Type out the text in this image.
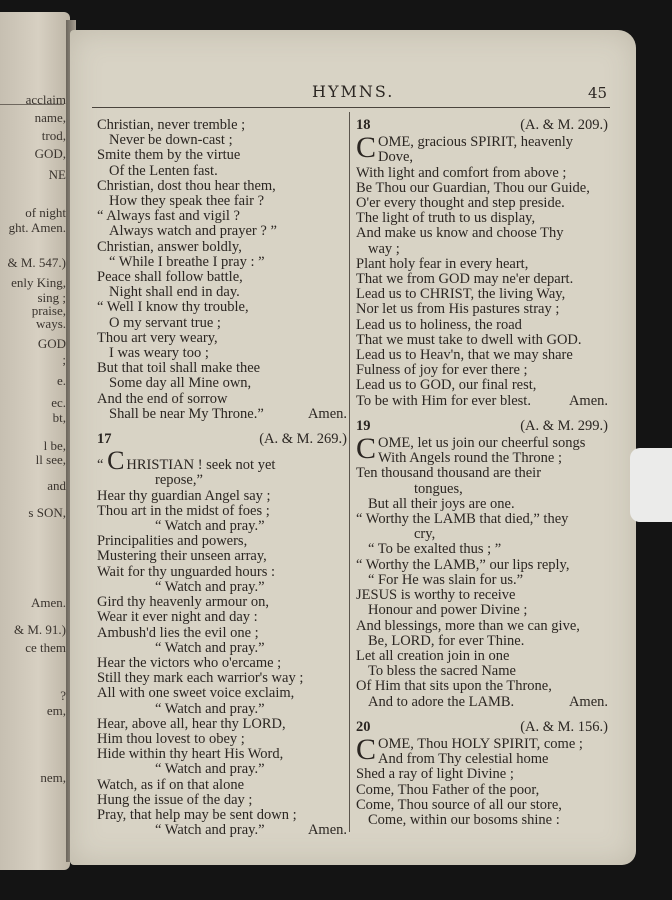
acclaim
name,
trod,
GOD,
NE
of night
ght. Amen.
& M. 547.)
enly King,
sing ;
praise,
ways.
GOD
;
e.
ec.
bt,
l be,
ll see,
and
s SON,
Amen.
& M. 91.)
ce them
?
em,
nem,
HYMNS.	45
Christian, never tremble ;
Never be down-cast ;
Smite them by the virtue
Of the Lenten fast.
Christian, dost thou hear them,
How they speak thee fair ?
“ Always fast and vigil ?
Always watch and prayer ? ”
Christian, answer boldly,
“ While I breathe I pray : ”
Peace shall follow battle,
Night shall end in day.
“ Well I know thy trouble,
O my servant true ;
Thou art very weary,
I was weary too ;
But that toil shall make thee
Some day all Mine own,
And the end of sorrow
Shall be near My Throne.”	Amen.
17	(A. & M. 269.)
“ C HRISTIAN ! seek not yet
repose,”
Hear thy guardian Angel say ;
Thou art in the midst of foes ;
“ Watch and pray.”
Principalities and powers,
Mustering their unseen array,
Wait for thy unguarded hours :
“ Watch and pray.”
Gird thy heavenly armour on,
Wear it ever night and day :
Ambush'd lies the evil one ;
“ Watch and pray.”
Hear the victors who o'ercame ;
Still they mark each warrior's way ;
All with one sweet voice exclaim,
“ Watch and pray.”
Hear, above all, hear thy LORD,
Him thou lovest to obey ;
Hide within thy heart His Word,
“ Watch and pray.”
Watch, as if on that alone
Hung the issue of the day ;
Pray, that help may be sent down ;
“ Watch and pray.”	Amen.
18	(A. & M. 209.)
COME, gracious SPIRIT, heavenly
Dove,
With light and comfort from above ;
Be Thou our Guardian, Thou our Guide,
O'er every thought and step preside.
The light of truth to us display,
And make us know and choose Thy
way ;
Plant holy fear in every heart,
That we from GOD may ne'er depart.
Lead us to CHRIST, the living Way,
Nor let us from His pastures stray ;
Lead us to holiness, the road
That we must take to dwell with GOD.
Lead us to Heav'n, that we may share
Fulness of joy for ever there ;
Lead us to GOD, our final rest,
To be with Him for ever blest.	Amen.
19	(A. & M. 299.)
COME, let us join our cheerful songs
With Angels round the Throne ;
Ten thousand thousand are their
tongues,
But all their joys are one.
“ Worthy the LAMB that died,” they
cry,
“ To be exalted thus ; ”
“ Worthy the LAMB,” our lips reply,
“ For He was slain for us.”
JESUS is worthy to receive
Honour and power Divine ;
And blessings, more than we can give,
Be, LORD, for ever Thine.
Let all creation join in one
To bless the sacred Name
Of Him that sits upon the Throne,
And to adore the LAMB.	Amen.
20	(A. & M. 156.)
COME, Thou HOLY SPIRIT, come ;
And from Thy celestial home
Shed a ray of light Divine ;
Come, Thou Father of the poor,
Come, Thou source of all our store,
Come, within our bosoms shine :
